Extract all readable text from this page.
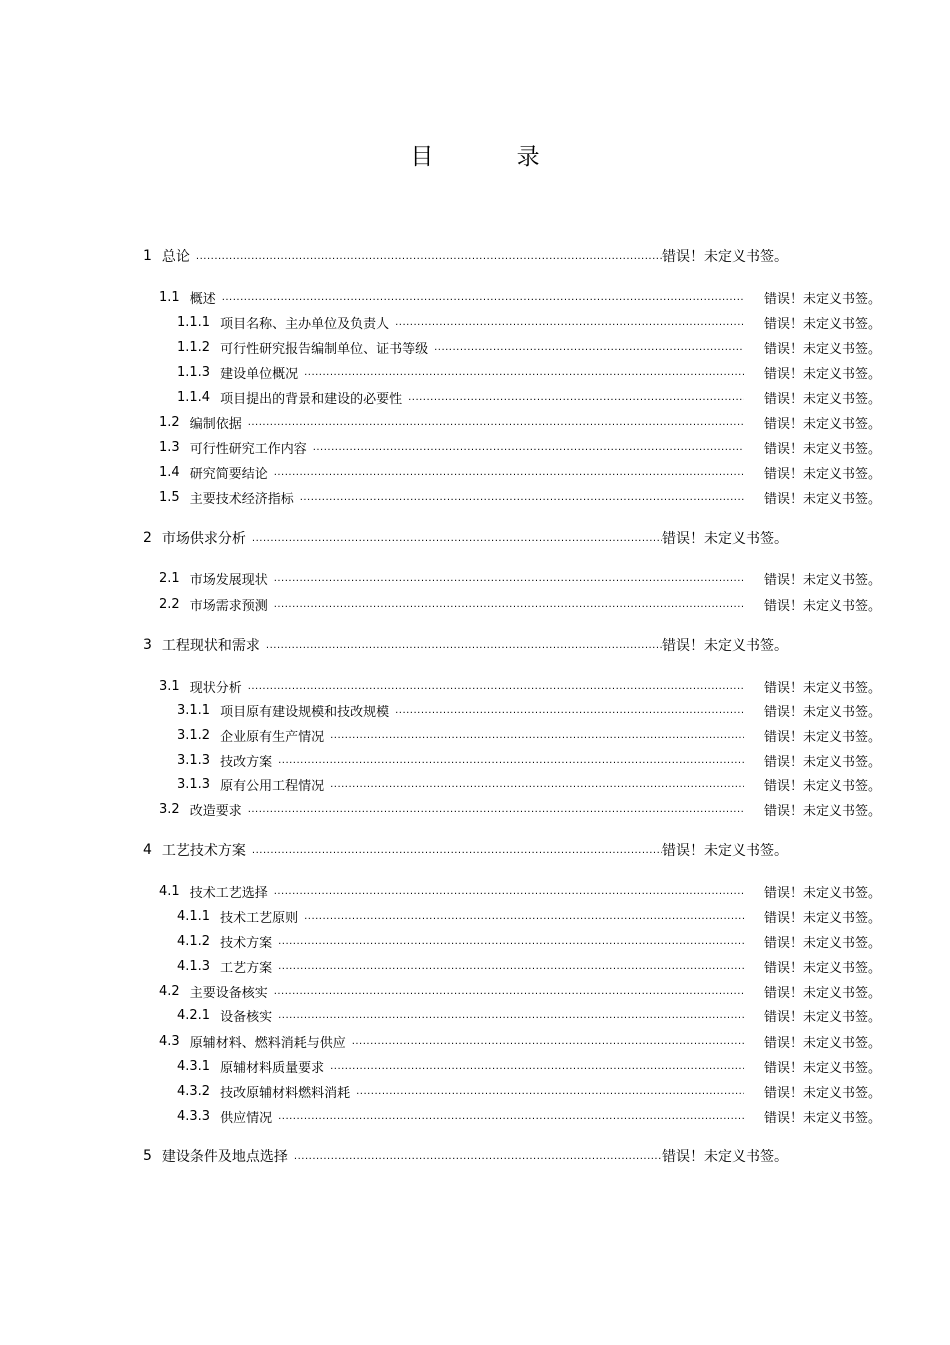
目 录
1 总论 .....	错误！未定义书签。
1.1 概述 .....	错误！未定义书签。
1.1.1 项目名称、主办单位及负责人 .....	错误！未定义书签。
1.1.2 可行性研究报告编制单位、证书等级 .....	错误！未定义书签。
1.1.3 建设单位概况 .....	错误！未定义书签。
1.1.4 项目提出的背景和建设的必要性 .....	错误！未定义书签。
1.2 编制依据 .....	错误！未定义书签。
1.3 可行性研究工作内容 .....	错误！未定义书签。
1.4 研究简要结论 .....	错误！未定义书签。
1.5 主要技术经济指标 .....	错误！未定义书签。
2 市场供求分析 .....	错误！未定义书签。
2.1 市场发展现状 .....	错误！未定义书签。
2.2 市场需求预测 .....	错误！未定义书签。
3 工程现状和需求 .....	错误！未定义书签。
3.1 现状分析 .....	错误！未定义书签。
3.1.1 项目原有建设规模和技改规模 .....	错误！未定义书签。
3.1.2 企业原有生产情况 .....	错误！未定义书签。
3.1.3 技改方案 .....	错误！未定义书签。
3.1.3 原有公用工程情况 .....	错误！未定义书签。
3.2 改造要求 .....	错误！未定义书签。
4 工艺技术方案 .....	错误！未定义书签。
4.1 技术工艺选择 .....	错误！未定义书签。
4.1.1 技术工艺原则 .....	错误！未定义书签。
4.1.2 技术方案 .....	错误！未定义书签。
4.1.3 工艺方案 .....	错误！未定义书签。
4.2 主要设备核实 .....	错误！未定义书签。
4.2.1 设备核实 .....	错误！未定义书签。
4.3 原辅材料、燃料消耗与供应 .....	错误！未定义书签。
4.3.1 原辅材料质量要求 .....	错误！未定义书签。
4.3.2 技改原辅材料燃料消耗 .....	错误！未定义书签。
4.3.3 供应情况 .....	错误！未定义书签。
5 建设条件及地点选择 .....	错误！未定义书签。
